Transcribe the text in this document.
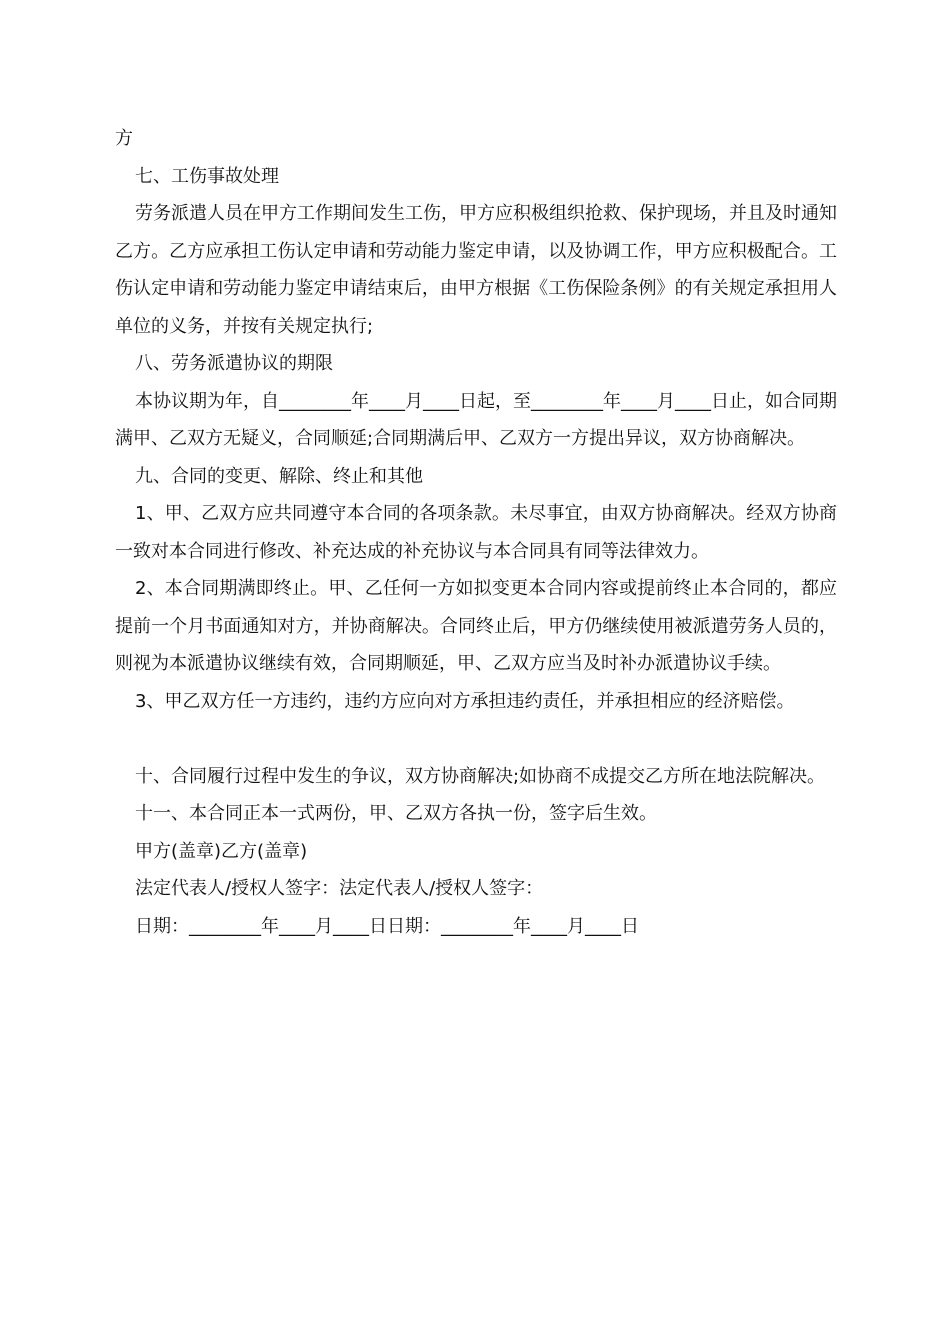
方

七、工伤事故处理

劳务派遣人员在甲方工作期间发生工伤，甲方应积极组织抢救、保护现场，并且及时通知乙方。乙方应承担工伤认定申请和劳动能力鉴定申请，以及协调工作，甲方应积极配合。工伤认定申请和劳动能力鉴定申请结束后，由甲方根据《工伤保险条例》的有关规定承担用人单位的义务，并按有关规定执行;

八、劳务派遣协议的期限

本协议期为年，自________年____月____日起，至________年____月____日止，如合同期满甲、乙双方无疑义，合同顺延;合同期满后甲、乙双方一方提出异议，双方协商解决。

九、合同的变更、解除、终止和其他

1、甲、乙双方应共同遵守本合同的各项条款。未尽事宜，由双方协商解决。经双方协商一致对本合同进行修改、补充达成的补充协议与本合同具有同等法律效力。

2、本合同期满即终止。甲、乙任何一方如拟变更本合同内容或提前终止本合同的，都应提前一个月书面通知对方，并协商解决。合同终止后，甲方仍继续使用被派遣劳务人员的，则视为本派遣协议继续有效，合同期顺延，甲、乙双方应当及时补办派遣协议手续。

3、甲乙双方任一方违约，违约方应向对方承担违约责任，并承担相应的经济赔偿。

十、合同履行过程中发生的争议，双方协商解决;如协商不成提交乙方所在地法院解决。

十一、本合同正本一式两份，甲、乙双方各执一份，签字后生效。

甲方(盖章)乙方(盖章)

法定代表人/授权人签字：法定代表人/授权人签字：

日期：________年____月____日日期：________年____月____日
